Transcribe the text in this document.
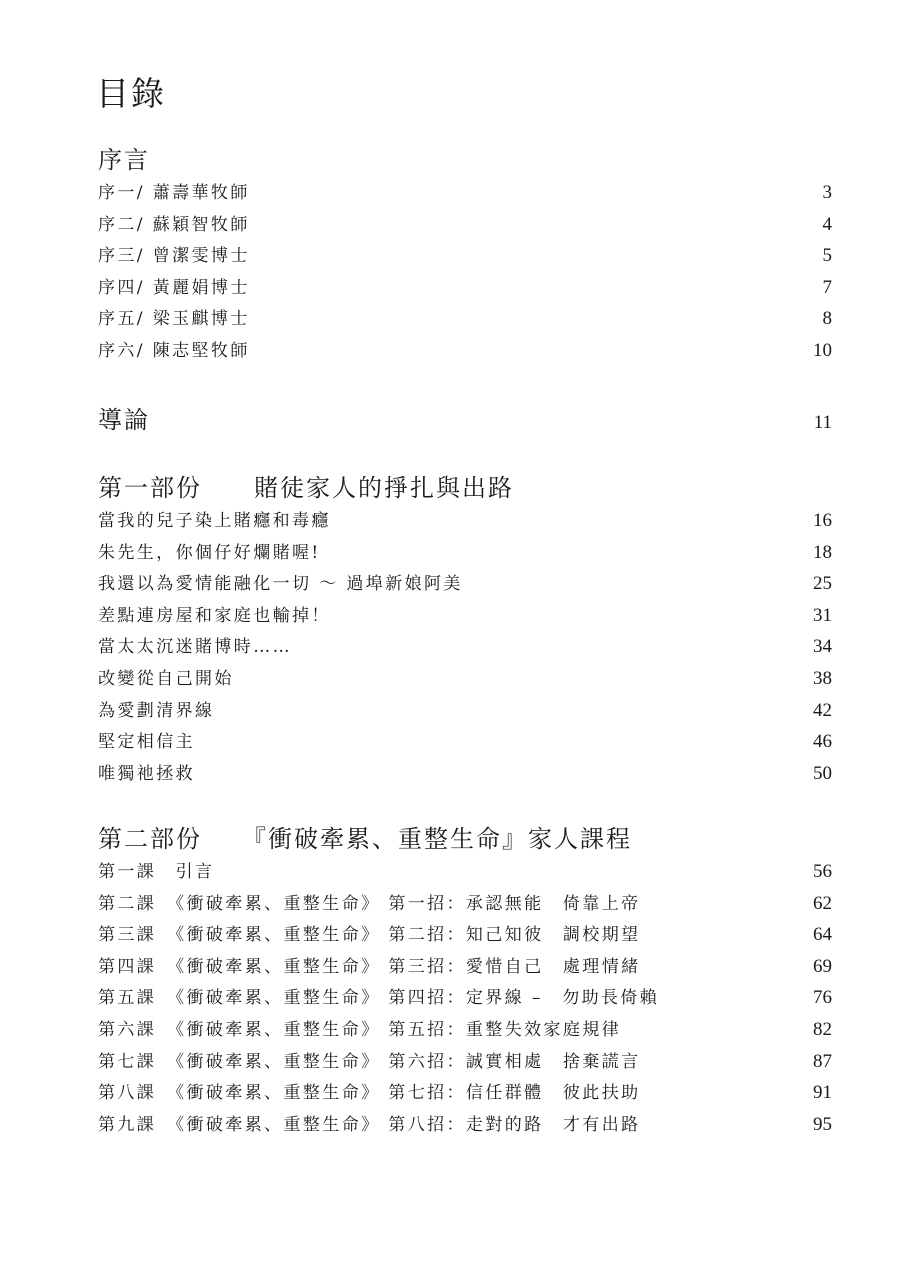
目錄
序言
序一/ 蕭壽華牧師	3
序二/ 蘇穎智牧師	4
序三/ 曾潔雯博士	5
序四/ 黃麗娟博士	7
序五/ 梁玉麒博士	8
序六/ 陳志堅牧師	10
導論	11
第一部份　　賭徒家人的掙扎與出路
當我的兒子染上賭癮和毒癮	16
朱先生，你個仔好爛賭喔!	18
我還以為愛情能融化一切 ～ 過埠新娘阿美	25
差點連房屋和家庭也輸掉！	31
當太太沉迷賭博時……	34
改變從自己開始	38
為愛劃清界線	42
堅定相信主	46
唯獨祂拯救	50
第二部份　　『衝破牽累、重整生命』家人課程
第一課　引言	56
第二課　《衝破牽累、重整生命》 第一招：承認無能　倚靠上帝	62
第三課　《衝破牽累、重整生命》 第二招：知己知彼　調校期望	64
第四課　《衝破牽累、重整生命》 第三招：愛惜自己　處理情緒	69
第五課　《衝破牽累、重整生命》 第四招：定界線 –　勿助長倚賴	76
第六課　《衝破牽累、重整生命》 第五招：重整失效家庭規律	82
第七課　《衝破牽累、重整生命》 第六招：誠實相處　捨棄謊言	87
第八課　《衝破牽累、重整生命》 第七招：信任群體　彼此扶助	91
第九課　《衝破牽累、重整生命》 第八招：走對的路　才有出路	95
